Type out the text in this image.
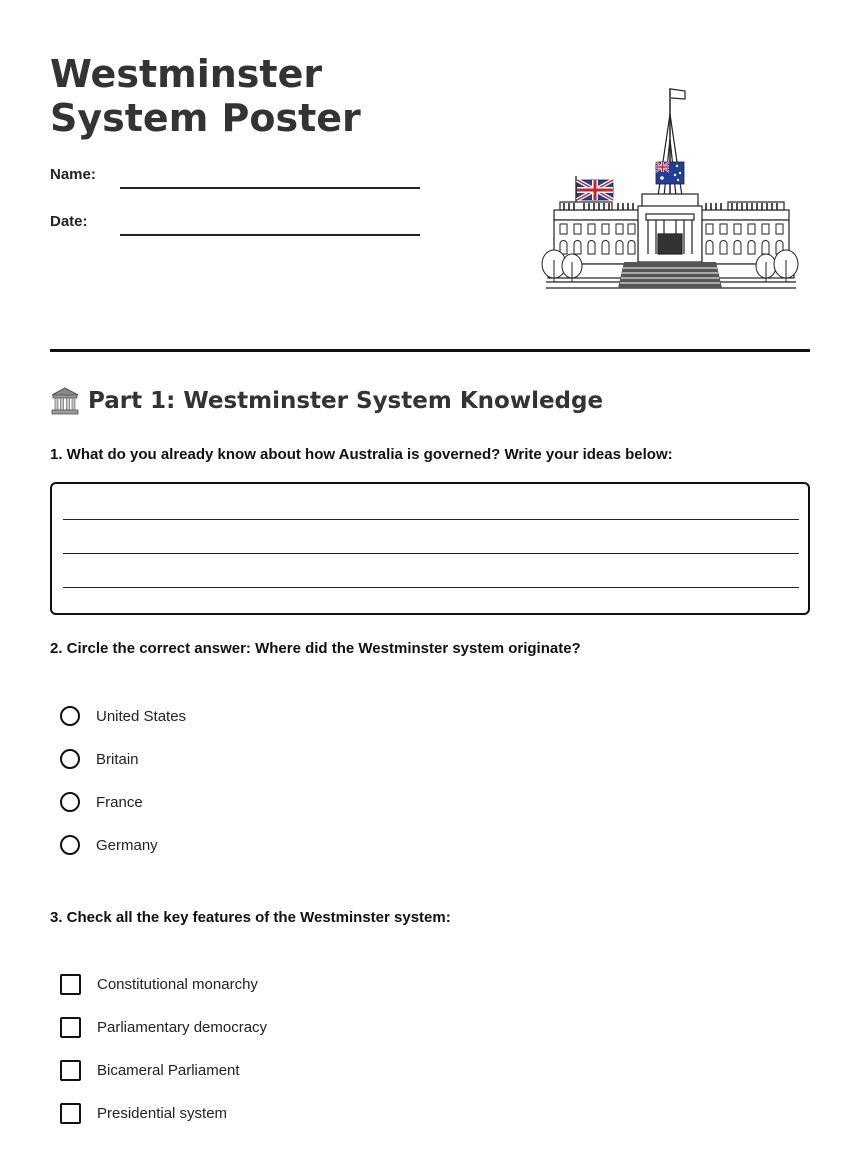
Westminster System Poster
Name:
Date:
Part 1: Westminster System Knowledge
1. What do you already know about how Australia is governed? Write your ideas below:
2. Circle the correct answer: Where did the Westminster system originate?
United States
Britain
France
Germany
3. Check all the key features of the Westminster system:
Constitutional monarchy
Parliamentary democracy
Bicameral Parliament
Presidential system
